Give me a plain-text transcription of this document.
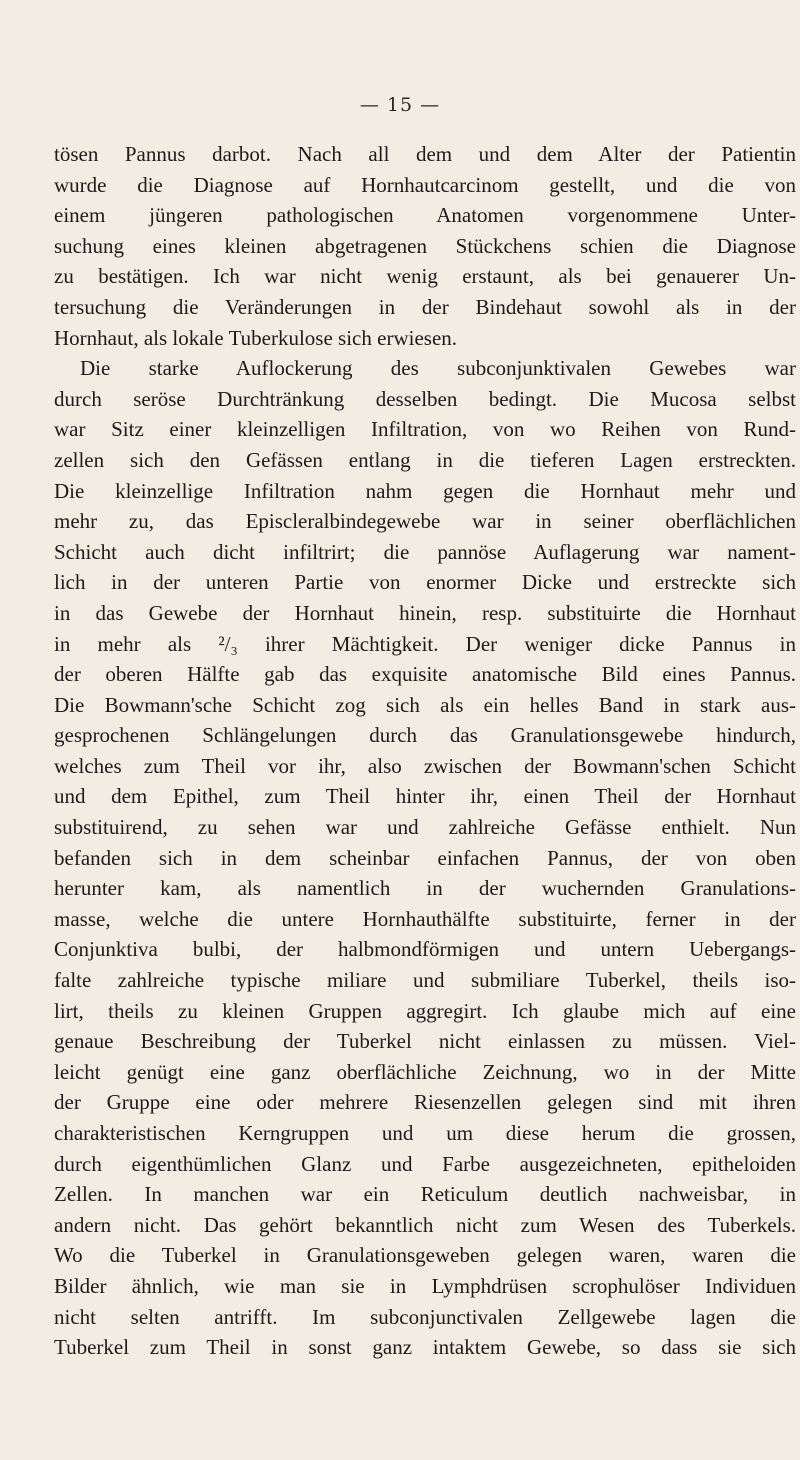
— 15 —
tösen Pannus darbot. Nach all dem und dem Alter der Patientin
wurde die Diagnose auf Hornhautcarcinom gestellt, und die von
einem jüngeren pathologischen Anatomen vorgenommene Unter-
suchung eines kleinen abgetragenen Stückchens schien die Diagnose
zu bestätigen. Ich war nicht wenig erstaunt, als bei genauerer Un-
tersuchung die Veränderungen in der Bindehaut sowohl als in der
Hornhaut, als lokale Tuberkulose sich erwiesen.
Die starke Auflockerung des subconjunktivalen Gewebes war
durch seröse Durchtränkung desselben bedingt. Die Mucosa selbst
war Sitz einer kleinzelligen Infiltration, von wo Reihen von Rund-
zellen sich den Gefässen entlang in die tieferen Lagen erstreckten.
Die kleinzellige Infiltration nahm gegen die Hornhaut mehr und
mehr zu, das Episcleralbindegewebe war in seiner oberflächlichen
Schicht auch dicht infiltrirt; die pannöse Auflagerung war nament-
lich in der unteren Partie von enormer Dicke und erstreckte sich
in das Gewebe der Hornhaut hinein, resp. substituirte die Hornhaut
in mehr als ²/₃ ihrer Mächtigkeit. Der weniger dicke Pannus in
der oberen Hälfte gab das exquisite anatomische Bild eines Pannus.
Die Bowmann'sche Schicht zog sich als ein helles Band in stark aus-
gesprochenen Schlängelungen durch das Granulationsgewebe hindurch,
welches zum Theil vor ihr, also zwischen der Bowmann'schen Schicht
und dem Epithel, zum Theil hinter ihr, einen Theil der Hornhaut
substituirend, zu sehen war und zahlreiche Gefässe enthielt. Nun
befanden sich in dem scheinbar einfachen Pannus, der von oben
herunter kam, als namentlich in der wuchernden Granulations-
masse, welche die untere Hornhauthälfte substituirte, ferner in der
Conjunktiva bulbi, der halbmondförmigen und untern Uebergangs-
falte zahlreiche typische miliare und submiliare Tuberkel, theils iso-
lirt, theils zu kleinen Gruppen aggregirt. Ich glaube mich auf eine
genaue Beschreibung der Tuberkel nicht einlassen zu müssen. Viel-
leicht genügt eine ganz oberflächliche Zeichnung, wo in der Mitte
der Gruppe eine oder mehrere Riesenzellen gelegen sind mit ihren
charakteristischen Kerngruppen und um diese herum die grossen,
durch eigenthümlichen Glanz und Farbe ausgezeichneten, epitheloiden
Zellen. In manchen war ein Reticulum deutlich nachweisbar, in
andern nicht. Das gehört bekanntlich nicht zum Wesen des Tuberkels.
Wo die Tuberkel in Granulationsgeweben gelegen waren, waren die
Bilder ähnlich, wie man sie in Lymphdrüsen scrophulöser Individuen
nicht selten antrifft. Im subconjunctivalen Zellgewebe lagen die
Tuberkel zum Theil in sonst ganz intaktem Gewebe, so dass sie sich
